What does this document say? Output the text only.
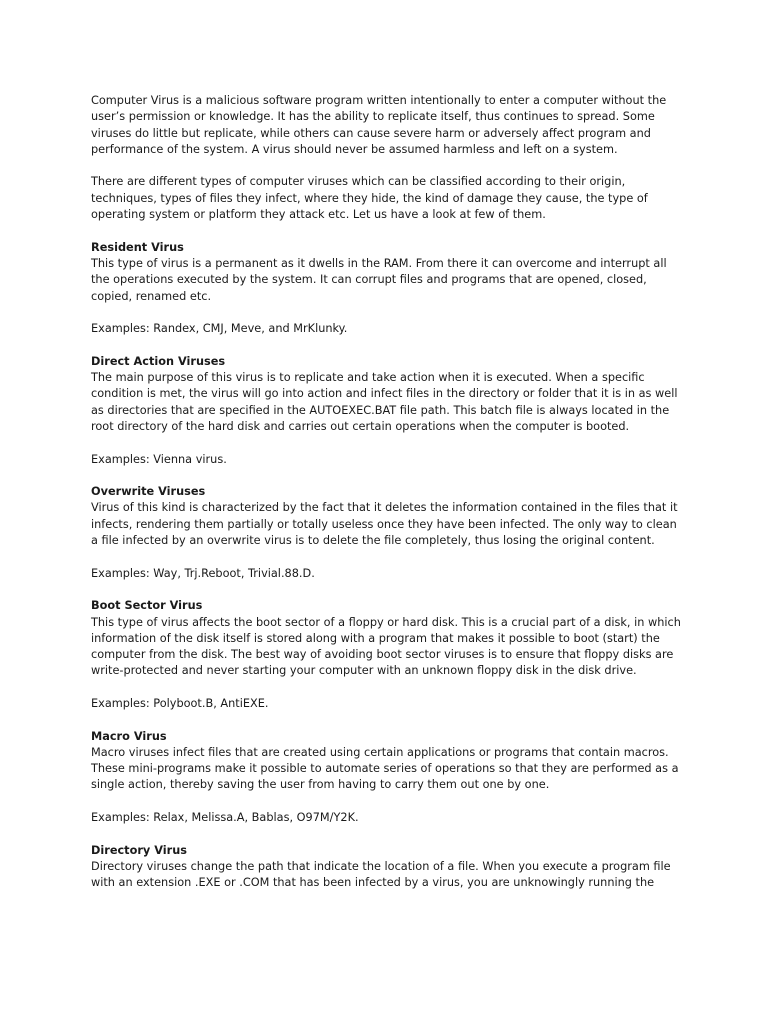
Computer Virus is a malicious software program written intentionally to enter a computer without the user’s permission or knowledge. It has the ability to replicate itself, thus continues to spread. Some viruses do little but replicate, while others can cause severe harm or adversely affect program and performance of the system. A virus should never be assumed harmless and left on a system.

There are different types of computer viruses which can be classified according to their origin, techniques, types of files they infect, where they hide, the kind of damage they cause, the type of operating system or platform they attack etc. Let us have a look at few of them.

Resident Virus

This type of virus is a permanent as it dwells in the RAM. From there it can overcome and interrupt all the operations executed by the system. It can corrupt files and programs that are opened, closed, copied, renamed etc.

Examples: Randex, CMJ, Meve, and MrKlunky.

Direct Action Viruses

The main purpose of this virus is to replicate and take action when it is executed. When a specific condition is met, the virus will go into action and infect files in the directory or folder that it is in as well as directories that are specified in the AUTOEXEC.BAT file path. This batch file is always located in the root directory of the hard disk and carries out certain operations when the computer is booted.

Examples: Vienna virus.

Overwrite Viruses

Virus of this kind is characterized by the fact that it deletes the information contained in the files that it infects, rendering them partially or totally useless once they have been infected. The only way to clean a file infected by an overwrite virus is to delete the file completely, thus losing the original content.

Examples: Way, Trj.Reboot, Trivial.88.D.

Boot Sector Virus

This type of virus affects the boot sector of a floppy or hard disk. This is a crucial part of a disk, in which information of the disk itself is stored along with a program that makes it possible to boot (start) the computer from the disk. The best way of avoiding boot sector viruses is to ensure that floppy disks are write-protected and never starting your computer with an unknown floppy disk in the disk drive.

Examples: Polyboot.B, AntiEXE.

Macro Virus

Macro viruses infect files that are created using certain applications or programs that contain macros. These mini-programs make it possible to automate series of operations so that they are performed as a single action, thereby saving the user from having to carry them out one by one.

Examples: Relax, Melissa.A, Bablas, O97M/Y2K.

Directory Virus

Directory viruses change the path that indicate the location of a file. When you execute a program file with an extension .EXE or .COM that has been infected by a virus, you are unknowingly running the
